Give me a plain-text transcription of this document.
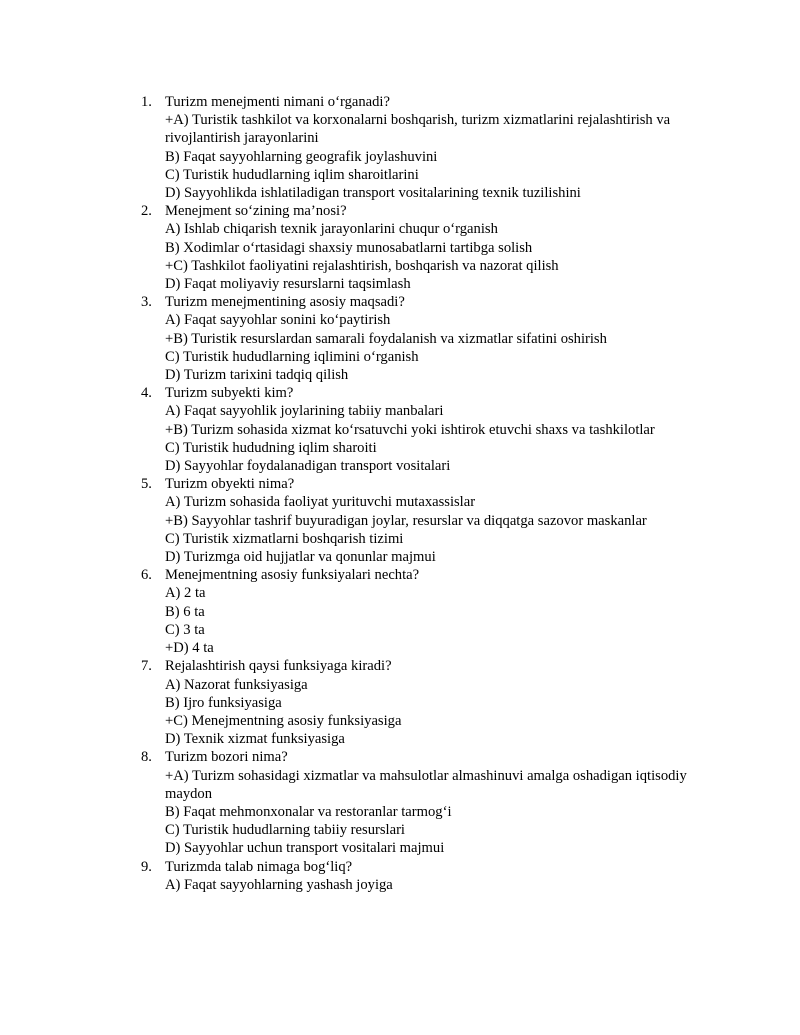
1. Turizm menejmenti nimani o‘rganadi?
+A) Turistik tashkilot va korxonalarni boshqarish, turizm xizmatlarini rejalashtirish va rivojlantirish jarayonlarini
B) Faqat sayyohlarning geografik joylashuvini
C) Turistik hududlarning iqlim sharoitlarini
D) Sayyohlikda ishlatiladigan transport vositalarining texnik tuzilishini
2. Menejment so‘zining ma’nosi?
A) Ishlab chiqarish texnik jarayonlarini chuqur o‘rganish
B) Xodimlar o‘rtasidagi shaxsiy munosabatlarni tartibga solish
+C) Tashkilot faoliyatini rejalashtirish, boshqarish va nazorat qilish
D) Faqat moliyaviy resurslarni taqsimlash
3. Turizm menejmentining asosiy maqsadi?
A) Faqat sayyohlar sonini ko‘paytirish
+B) Turistik resurslardan samarali foydalanish va xizmatlar sifatini oshirish
C) Turistik hududlarning iqlimini o‘rganish
D) Turizm tarixini tadqiq qilish
4. Turizm subyekti kim?
A) Faqat sayyohlik joylarining tabiiy manbalari
+B) Turizm sohasida xizmat ko‘rsatuvchi yoki ishtirok etuvchi shaxs va tashkilotlar
C) Turistik hududning iqlim sharoiti
D) Sayyohlar foydalanadigan transport vositalari
5. Turizm obyekti nima?
A) Turizm sohasida faoliyat yurituvchi mutaxassislar
+B) Sayyohlar tashrif buyuradigan joylar, resurslar va diqqatga sazovor maskanlar
C) Turistik xizmatlarni boshqarish tizimi
D) Turizmga oid hujjatlar va qonunlar majmui
6. Menejmentning asosiy funksiyalari nechta?
A) 2 ta
B) 6 ta
C) 3 ta
+D) 4 ta
7. Rejalashtirish qaysi funksiyaga kiradi?
A) Nazorat funksiyasiga
B) Ijro funksiyasiga
+C) Menejmentning asosiy funksiyasiga
D) Texnik xizmat funksiyasiga
8. Turizm bozori nima?
+A) Turizm sohasidagi xizmatlar va mahsulotlar almashinuvi amalga oshadigan iqtisodiy maydon
B) Faqat mehmonxonalar va restoranlar tarmog‘i
C) Turistik hududlarning tabiiy resurslari
D) Sayyohlar uchun transport vositalari majmui
9. Turizmda talab nimaga bog‘liq?
A) Faqat sayyohlarning yashash joyiga
